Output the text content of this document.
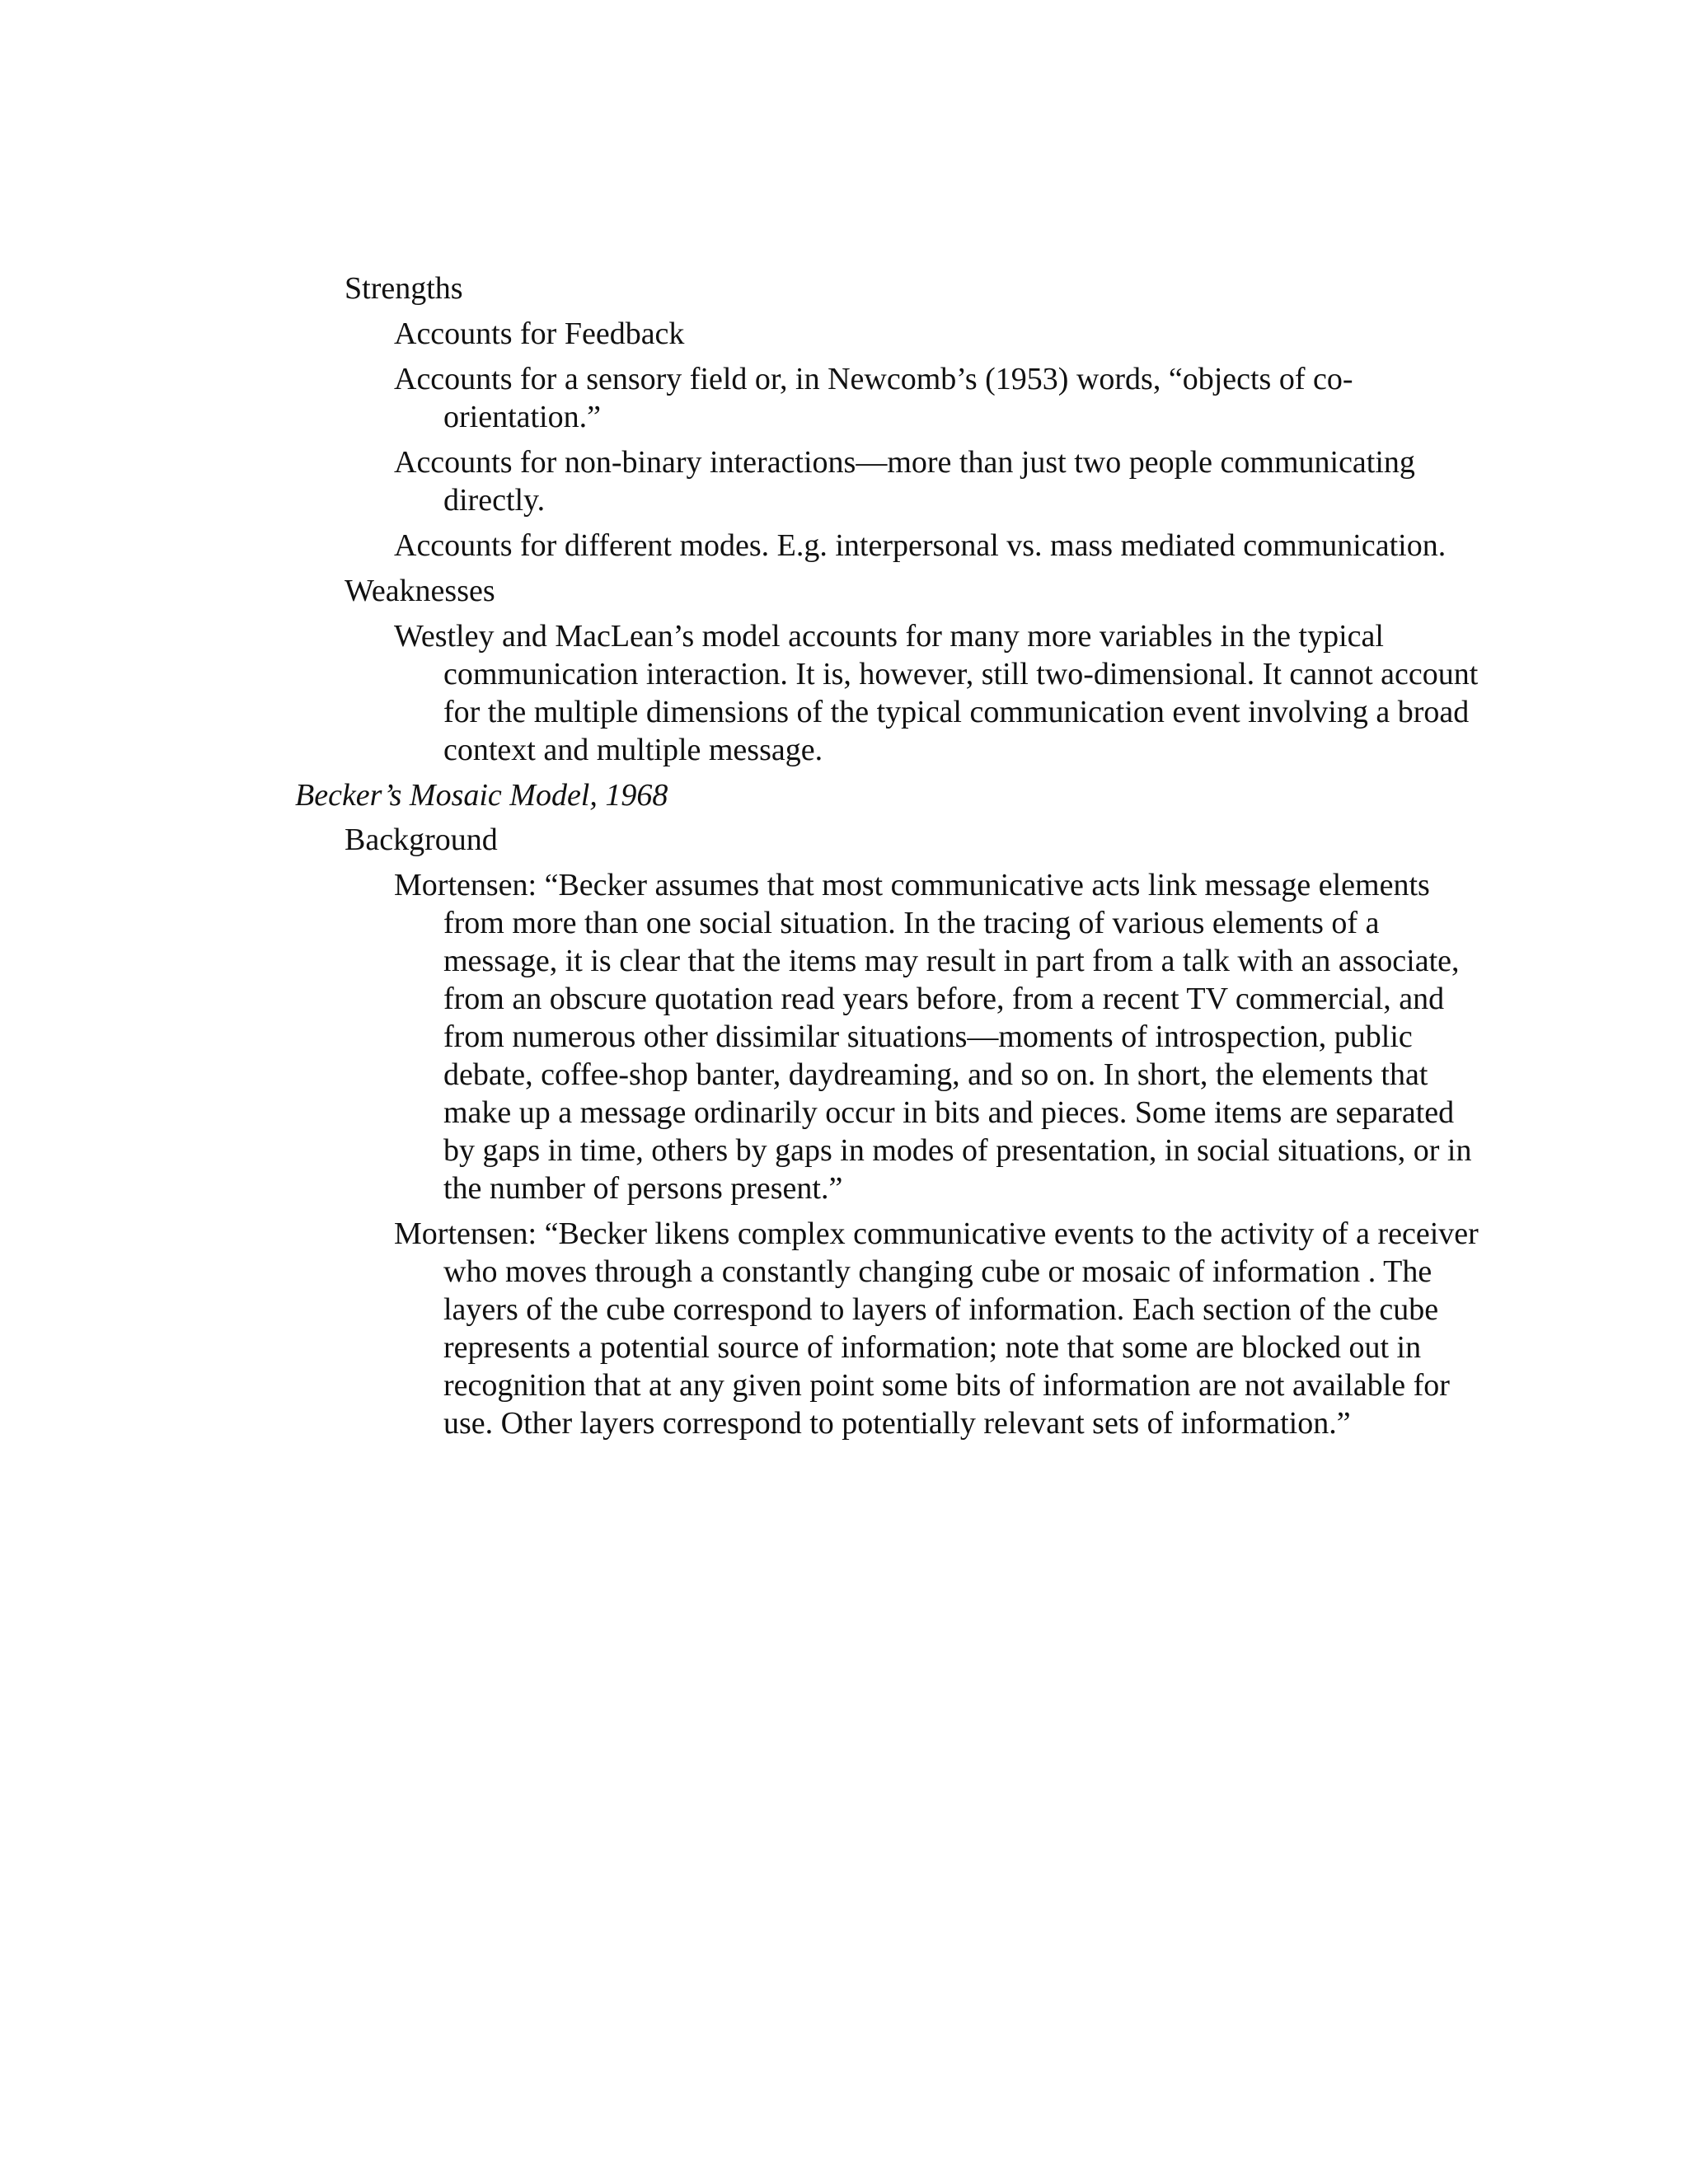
Strengths
Accounts for Feedback
Accounts for a sensory field or, in Newcomb’s (1953) words, “objects of co-orientation.”
Accounts for non-binary interactions—more than just two people communicating directly.
Accounts for different modes. E.g. interpersonal vs. mass mediated communication.
Weaknesses
Westley and MacLean’s model accounts for many more variables in the typical communication interaction. It is, however, still two-dimensional. It cannot account for the multiple dimensions of the typical communication event involving a broad context and multiple message.
Becker’s Mosaic Model, 1968
Background
Mortensen: “Becker assumes that most communicative acts link message elements from more than one social situation. In the tracing of various elements of a message, it is clear that the items may result in part from a talk with an associate, from an obscure quotation read years before, from a recent TV commercial, and from numerous other dissimilar situations—moments of introspection, public debate, coffee-shop banter, daydreaming, and so on. In short, the elements that make up a message ordinarily occur in bits and pieces. Some items are separated by gaps in time, others by gaps in modes of presentation, in social situations, or in the number of persons present.”
Mortensen: “Becker likens complex communicative events to the activity of a receiver who moves through a constantly changing cube or mosaic of information . The layers of the cube correspond to layers of information. Each section of the cube represents a potential source of information; note that some are blocked out in recognition that at any given point some bits of information are not available for use. Other layers correspond to potentially relevant sets of information.”
